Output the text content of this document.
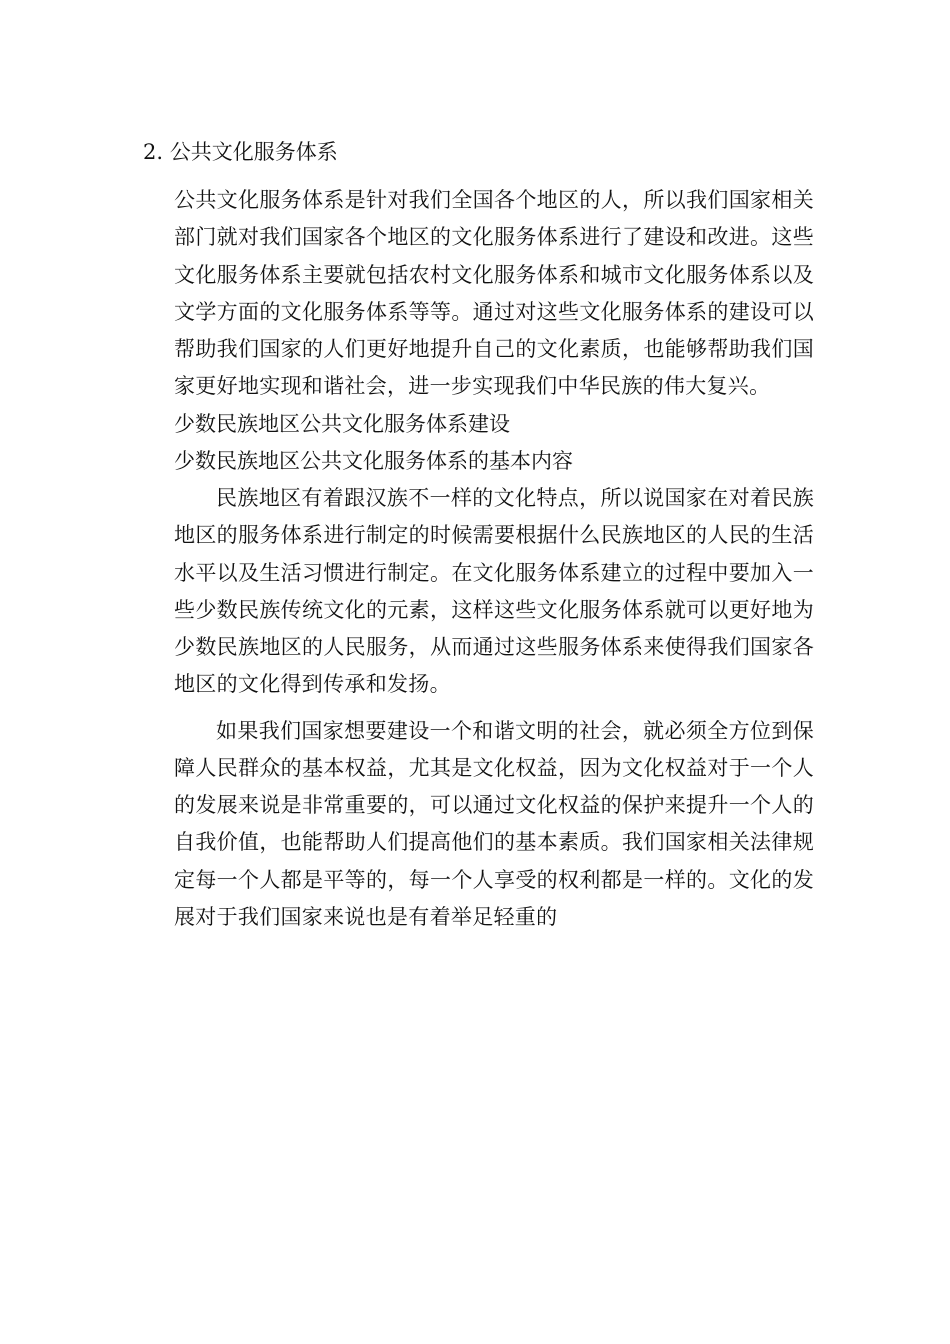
2. 公共文化服务体系

公共文化服务体系是针对我们全国各个地区的人，所以我们国家相关部门就对我们国家各个地区的文化服务体系进行了建设和改进。这些文化服务体系主要就包括农村文化服务体系和城市文化服务体系以及文学方面的文化服务体系等等。通过对这些文化服务体系的建设可以帮助我们国家的人们更好地提升自己的文化素质，也能够帮助我们国家更好地实现和谐社会，进一步实现我们中华民族的伟大复兴。

少数民族地区公共文化服务体系建设

少数民族地区公共文化服务体系的基本内容

民族地区有着跟汉族不一样的文化特点，所以说国家在对着民族地区的服务体系进行制定的时候需要根据什么民族地区的人民的生活水平以及生活习惯进行制定。在文化服务体系建立的过程中要加入一些少数民族传统文化的元素，这样这些文化服务体系就可以更好地为少数民族地区的人民服务，从而通过这些服务体系来使得我们国家各地区的文化得到传承和发扬。

如果我们国家想要建设一个和谐文明的社会，就必须全方位到保障人民群众的基本权益，尤其是文化权益，因为文化权益对于一个人的发展来说是非常重要的，可以通过文化权益的保护来提升一个人的自我价值，也能帮助人们提高他们的基本素质。我们国家相关法律规定每一个人都是平等的，每一个人享受的权利都是一样的。文化的发展对于我们国家来说也是有着举足轻重的
